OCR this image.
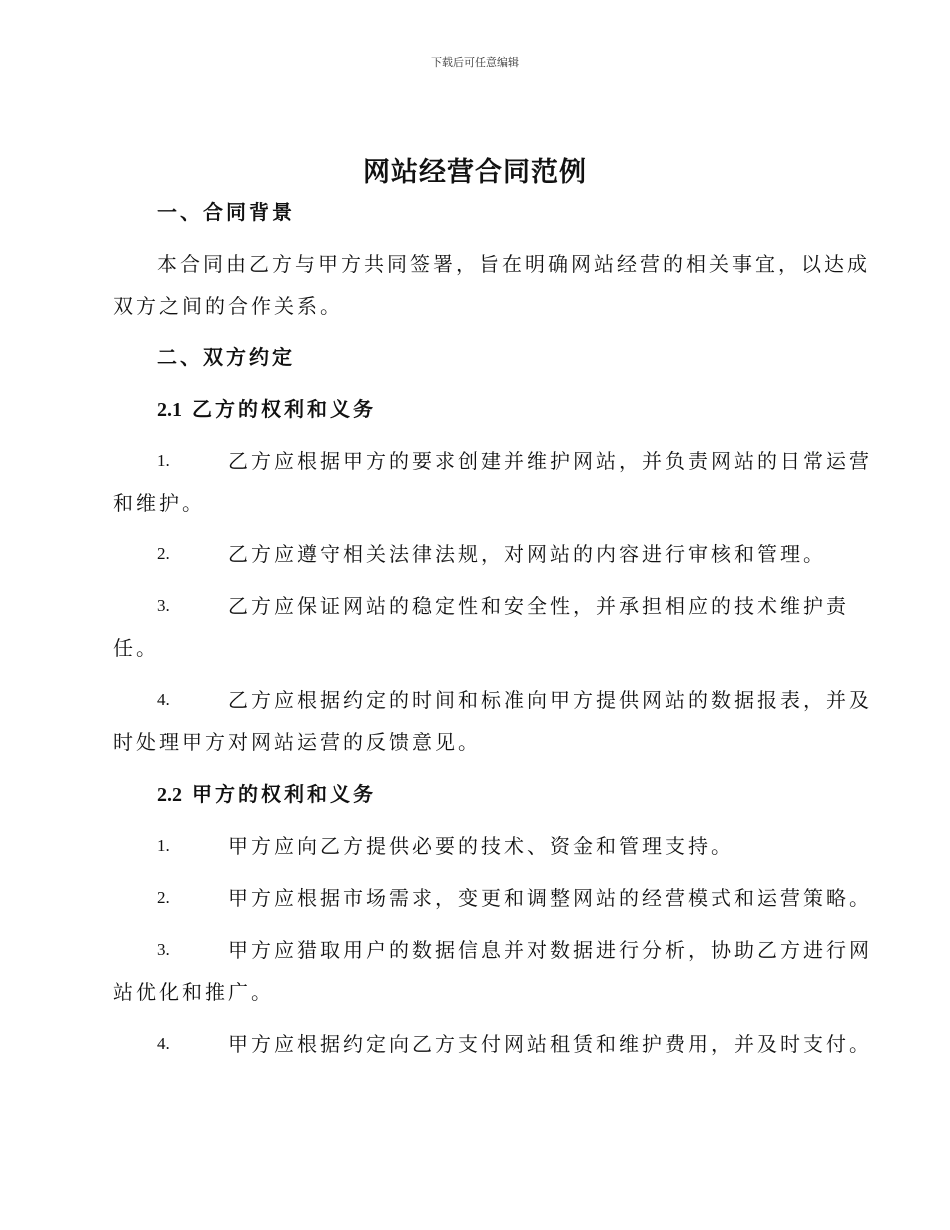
下载后可任意编辑
网站经营合同范例
一、合同背景
本合同由乙方与甲方共同签署，旨在明确网站经营的相关事宜，以达成
双方之间的合作关系。
二、双方约定
2.1 乙方的权利和义务
1.	乙方应根据甲方的要求创建并维护网站，并负责网站的日常运营
和维护。
2.	乙方应遵守相关法律法规，对网站的内容进行审核和管理。
3.	乙方应保证网站的稳定性和安全性，并承担相应的技术维护责
任。
4.	乙方应根据约定的时间和标准向甲方提供网站的数据报表，并及
时处理甲方对网站运营的反馈意见。
2.2 甲方的权利和义务
1.	甲方应向乙方提供必要的技术、资金和管理支持。
2.	甲方应根据市场需求，变更和调整网站的经营模式和运营策略。
3.	甲方应猎取用户的数据信息并对数据进行分析，协助乙方进行网
站优化和推广。
4.	甲方应根据约定向乙方支付网站租赁和维护费用，并及时支付。
